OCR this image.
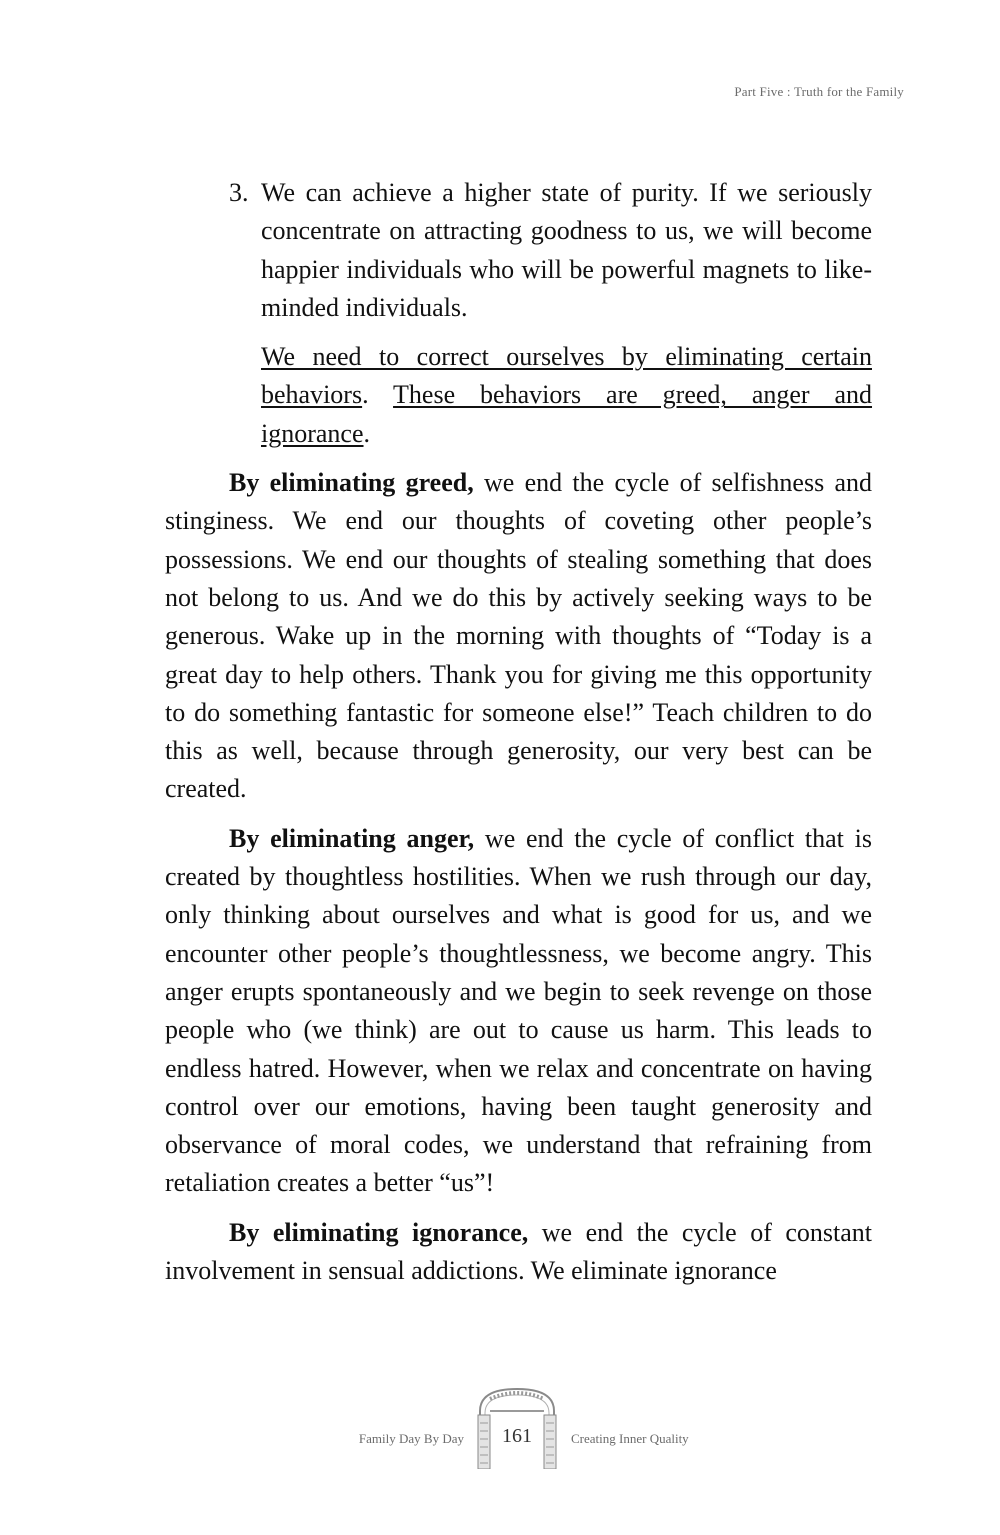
Part Five : Truth for the Family
3. We can achieve a higher state of purity. If we seriously concentrate on attracting goodness to us, we will become happier individuals who will be powerful magnets to like-minded individuals.

We need to correct ourselves by eliminating certain behaviors. These behaviors are greed, anger and ignorance.

By eliminating greed, we end the cycle of selfishness and stinginess. We end our thoughts of coveting other people’s possessions. We end our thoughts of stealing something that does not belong to us. And we do this by actively seeking ways to be generous. Wake up in the morning with thoughts of “Today is a great day to help others. Thank you for giving me this opportunity to do something fantastic for someone else!” Teach children to do this as well, because through generosity, our very best can be created.

By eliminating anger, we end the cycle of conflict that is created by thoughtless hostilities. When we rush through our day, only thinking about ourselves and what is good for us, and we encounter other people’s thoughtlessness, we become angry. This anger erupts spontaneously and we begin to seek revenge on those people who (we think) are out to cause us harm. This leads to endless hatred. However, when we relax and concentrate on having control over our emotions, having been taught generosity and observance of moral codes, we understand that refraining from retaliation creates a better “us”!

By eliminating ignorance, we end the cycle of constant involvement in sensual addictions. We eliminate ignorance

Family Day By Day	161	Creating Inner Quality
